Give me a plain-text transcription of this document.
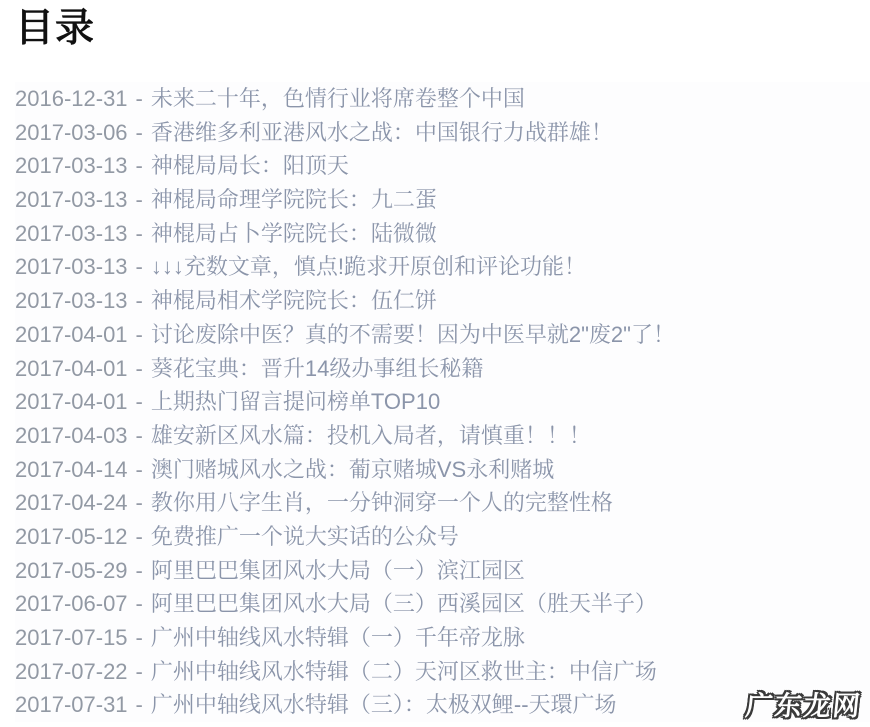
目录
2016-12-31 - 未来二十年，色情行业将席卷整个中国
2017-03-06 - 香港维多利亚港风水之战：中国银行力战群雄！
2017-03-13 - 神棍局局长：阳顶天
2017-03-13 - 神棍局命理学院院长：九二蛋
2017-03-13 - 神棍局占卜学院院长：陆微微
2017-03-13 - ↓↓↓充数文章，慎点!跪求开原创和评论功能！
2017-03-13 - 神棍局相术学院院长：伍仁饼
2017-04-01 - 讨论废除中医？真的不需要！因为中医早就2"废2"了！
2017-04-01 - 葵花宝典：晋升14级办事组长秘籍
2017-04-01 - 上期热门留言提问榜单TOP10
2017-04-03 - 雄安新区风水篇：投机入局者，请慎重！！！
2017-04-14 - 澳门赌城风水之战：葡京赌城VS永利赌城
2017-04-24 - 教你用八字生肖，一分钟洞穿一个人的完整性格
2017-05-12 - 免费推广一个说大实话的公众号
2017-05-29 - 阿里巴巴集团风水大局（一）滨江园区
2017-06-07 - 阿里巴巴集团风水大局（三）西溪园区（胜天半子）
2017-07-15 - 广州中轴线风水特辑（一）千年帝龙脉
2017-07-22 - 广州中轴线风水特辑（二）天河区救世主：中信广场
2017-07-31 - 广州中轴线风水特辑（三）：太极双鲤--天環广场	广东龙网
